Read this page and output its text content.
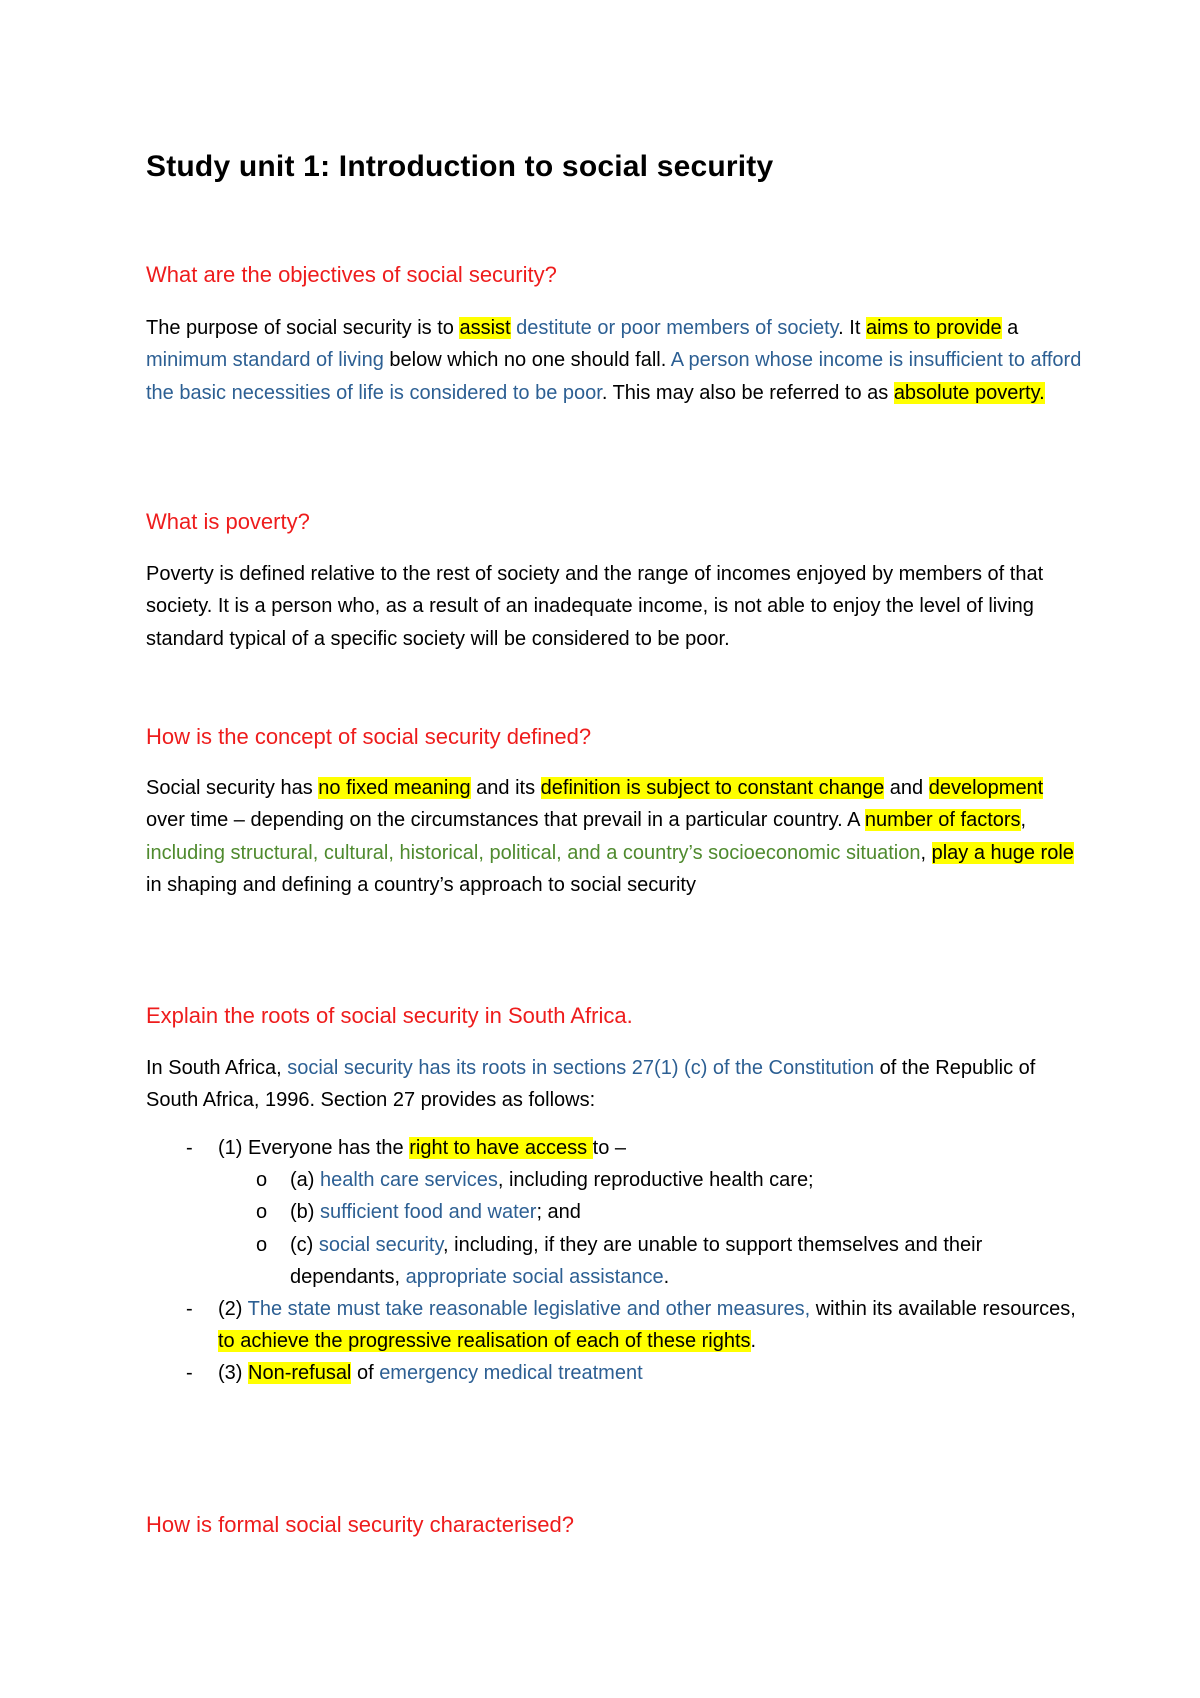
Study unit 1: Introduction to social security
What are the objectives of social security?

The purpose of social security is to assist destitute or poor members of society. It aims to provide a minimum standard of living below which no one should fall. A person whose income is insufficient to afford the basic necessities of life is considered to be poor. This may also be referred to as absolute poverty.

What is poverty?

Poverty is defined relative to the rest of society and the range of incomes enjoyed by members of that society. It is a person who, as a result of an inadequate income, is not able to enjoy the level of living standard typical of a specific society will be considered to be poor.

How is the concept of social security defined?

Social security has no fixed meaning and its definition is subject to constant change and development over time – depending on the circumstances that prevail in a particular country. A number of factors, including structural, cultural, historical, political, and a country’s socioeconomic situation, play a huge role in shaping and defining a country’s approach to social security

Explain the roots of social security in South Africa.

In South Africa, social security has its roots in sections 27(1) (c) of the Constitution of the Republic of South Africa, 1996. Section 27 provides as follows:

-	(1) Everyone has the right to have access to –
o	(a) health care services, including reproductive health care;
o	(b) sufficient food and water; and
o	(c) social security, including, if they are unable to support themselves and their dependants, appropriate social assistance.
-	(2) The state must take reasonable legislative and other measures, within its available resources, to achieve the progressive realisation of each of these rights.
-	(3) Non-refusal of emergency medical treatment
How is formal social security characterised?
